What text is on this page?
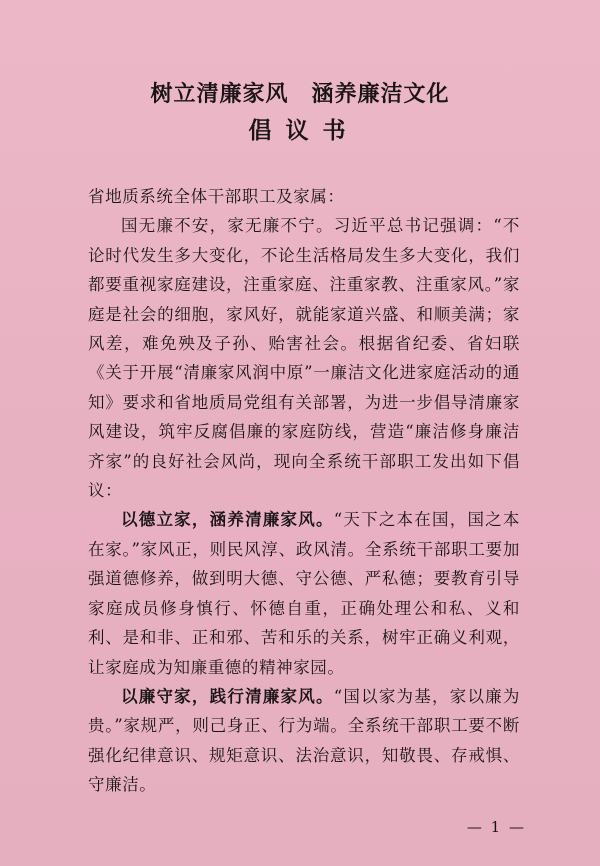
树立清廉家风　涵养廉洁文化
倡议书

省地质系统全体干部职工及家属：

国无廉不安，家无廉不宁。习近平总书记强调：“不论时代发生多大变化，不论生活格局发生多大变化，我们都要重视家庭建设，注重家庭、注重家教、注重家风。”家庭是社会的细胞，家风好，就能家道兴盛、和顺美满；家风差，难免殃及子孙、贻害社会。根据省纪委、省妇联《关于开展“清廉家风润中原”一廉洁文化进家庭活动的通知》要求和省地质局党组有关部署，为进一步倡导清廉家风建设，筑牢反腐倡廉的家庭防线，营造“廉洁修身廉洁齐家”的良好社会风尚，现向全系统干部职工发出如下倡议：

以德立家，涵养清廉家风。“天下之本在国，国之本在家。”家风正，则民风淳、政风清。全系统干部职工要加强道德修养，做到明大德、守公德、严私德；要教育引导家庭成员修身慎行、怀德自重，正确处理公和私、义和利、是和非、正和邪、苦和乐的关系，树牢正确义利观，让家庭成为知廉重德的精神家园。

以廉守家，践行清廉家风。“国以家为基，家以廉为贵。”家规严，则己身正、行为端。全系统干部职工要不断强化纪律意识、规矩意识、法治意识，知敬畏、存戒惧、守廉洁。

— 1 —
